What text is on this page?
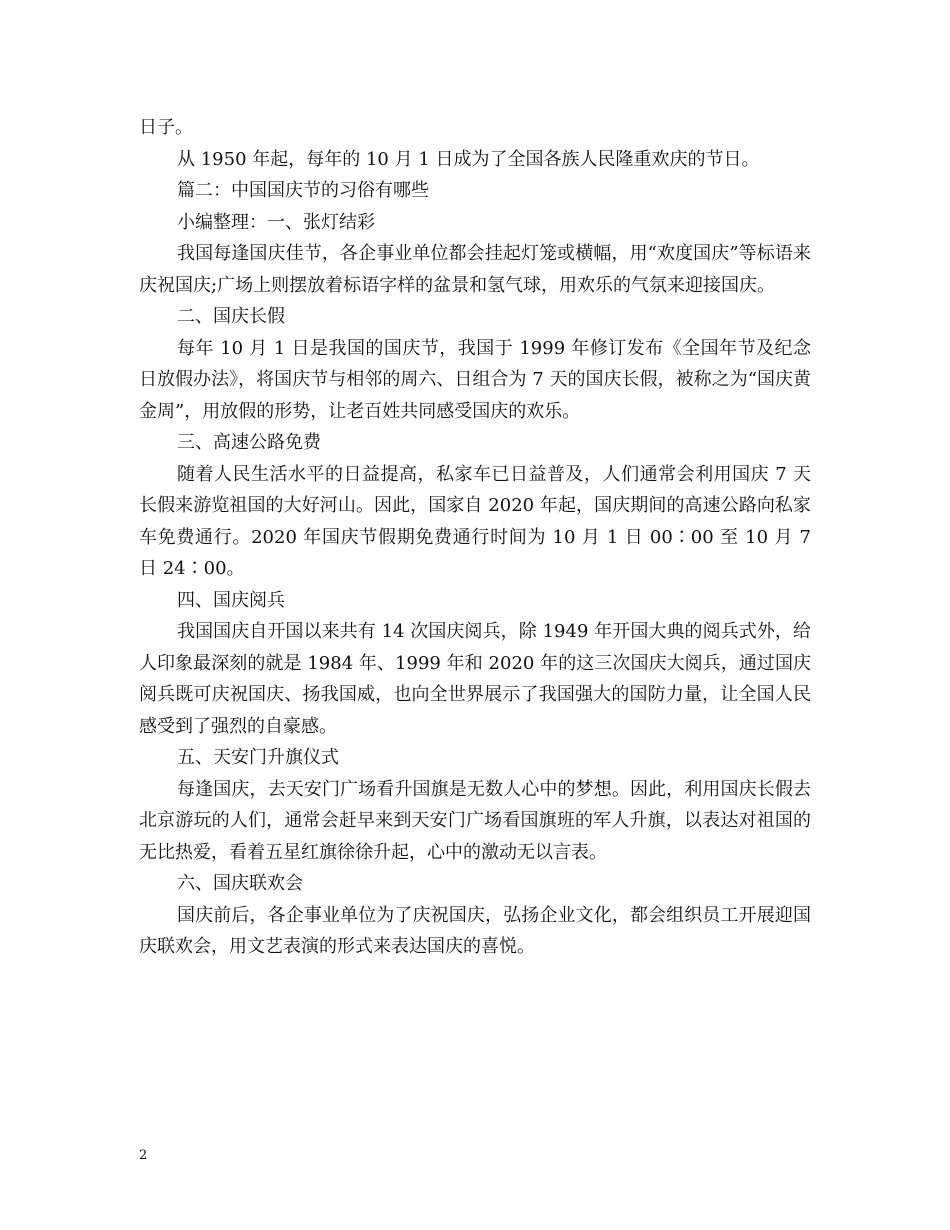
日子。

从 1950 年起，每年的 10 月 1 日成为了全国各族人民隆重欢庆的节日。

篇二：中国国庆节的习俗有哪些

小编整理：一、张灯结彩

我国每逢国庆佳节，各企事业单位都会挂起灯笼或横幅，用“欢度国庆”等标语来庆祝国庆;广场上则摆放着标语字样的盆景和氢气球，用欢乐的气氛来迎接国庆。

二、国庆长假

每年 10 月 1 日是我国的国庆节，我国于 1999 年修订发布《全国年节及纪念日放假办法》，将国庆节与相邻的周六、日组合为 7 天的国庆长假，被称之为“国庆黄金周”，用放假的形势，让老百姓共同感受国庆的欢乐。

三、高速公路免费

随着人民生活水平的日益提高，私家车已日益普及，人们通常会利用国庆 7 天长假来游览祖国的大好河山。因此，国家自 2020 年起，国庆期间的高速公路向私家车免费通行。2020 年国庆节假期免费通行时间为 10 月 1 日 00∶00 至 10 月 7 日 24∶00。

四、国庆阅兵

我国国庆自开国以来共有 14 次国庆阅兵，除 1949 年开国大典的阅兵式外，给人印象最深刻的就是 1984 年、1999 年和 2020 年的这三次国庆大阅兵，通过国庆阅兵既可庆祝国庆、扬我国威，也向全世界展示了我国强大的国防力量，让全国人民感受到了强烈的自豪感。

五、天安门升旗仪式

每逢国庆，去天安门广场看升国旗是无数人心中的梦想。因此，利用国庆长假去北京游玩的人们，通常会赶早来到天安门广场看国旗班的军人升旗，以表达对祖国的无比热爱，看着五星红旗徐徐升起，心中的激动无以言表。

六、国庆联欢会

国庆前后，各企事业单位为了庆祝国庆，弘扬企业文化，都会组织员工开展迎国庆联欢会，用文艺表演的形式来表达国庆的喜悦。

2
